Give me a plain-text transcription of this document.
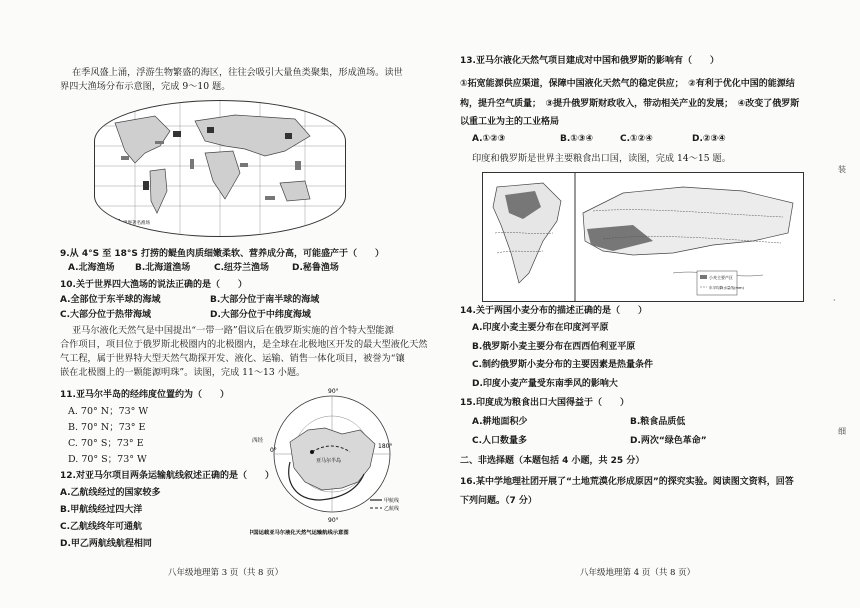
在季风盛上涌，浮游生物繁盛的海区，往往会吸引大量鱼类聚集，形成渔场。读世
界四大渔场分布示意图，完成 9～10 题。
世界著名渔场
9.从 4°S 至 18°S 打捞的鳀鱼肉质细嫩柔软、营养成分高，可能盛产于（　　）
A.北海渔场 B.北海道渔场	C.纽芬兰渔场	D.秘鲁渔场
10.关于世界四大渔场的说法正确的是（　　）
A.全部位于东半球的海域	B.大部分位于南半球的海域
C.大部分位于热带海域	D.大部分位于中纬度海域
亚马尔液化天然气是中国提出“一带一路”倡议后在俄罗斯实施的首个特大型能源
合作项目，项目位于俄罗斯北极圈内的北极圈内，是全球在北极地区开发的最大型液化天然
气工程，属于世界特大型天然气勘探开发、液化、运输、销售一体化项目，被誉为“镶
嵌在北极圈上的一颗能源明珠”。读图，完成 11～13 小题。
11.亚马尔半岛的经纬度位置约为（　　）
A. 70° N；73° W
B. 70° N；73° E
C. 70° S；73° E
D. 70° S；73° W
90°
0°
180°
90°
西经
亚马尔半岛
甲航线
乙航线
中国运载亚马尔液化天然气运输航线示意图
12.对亚马尔项目两条运输航线叙述正确的是（　　）
A.乙航线经过的国家较多
B.甲航线经过四大洋
C.乙航线终年可通航
D.甲乙两航线航程相同
八年级地理第 3 页（共 8 页）
13.亚马尔液化天然气项目建成对中国和俄罗斯的影响有（　　）
①拓宽能源供应渠道，保障中国液化天然气的稳定供应；　②有利于优化中国的能源结
构，提升空气质量；　③提升俄罗斯财政收入，带动相关产业的发展；　④改变了俄罗斯
以重工业为主的工业格局
A.①②③	B.①③④	C.①②④	D.②③④
印度和俄罗斯是世界主要粮食出口国，读图，完成 14～15 题。
小麦主要产区
年平均降水量线(mm)
14.关于两国小麦分布的描述正确的是（　　）
A.印度小麦主要分布在印度河平原
B.俄罗斯小麦主要分布在西西伯利亚平原
C.制约俄罗斯小麦分布的主要因素是热量条件
D.印度小麦产量受东南季风的影响大
15.印度成为粮食出口大国得益于（　　）
A.耕地面积少	B.粮食品质低
C.人口数量多	D.两次“绿色革命”
二、非选择题（本题包括 4 小题，共 25 分）
16.某中学地理社团开展了“土地荒漠化形成原因”的探究实验。阅读图文资料，回答
下列问题。（7 分）
八年级地理第 4 页（共 8 页）
装
·
细
